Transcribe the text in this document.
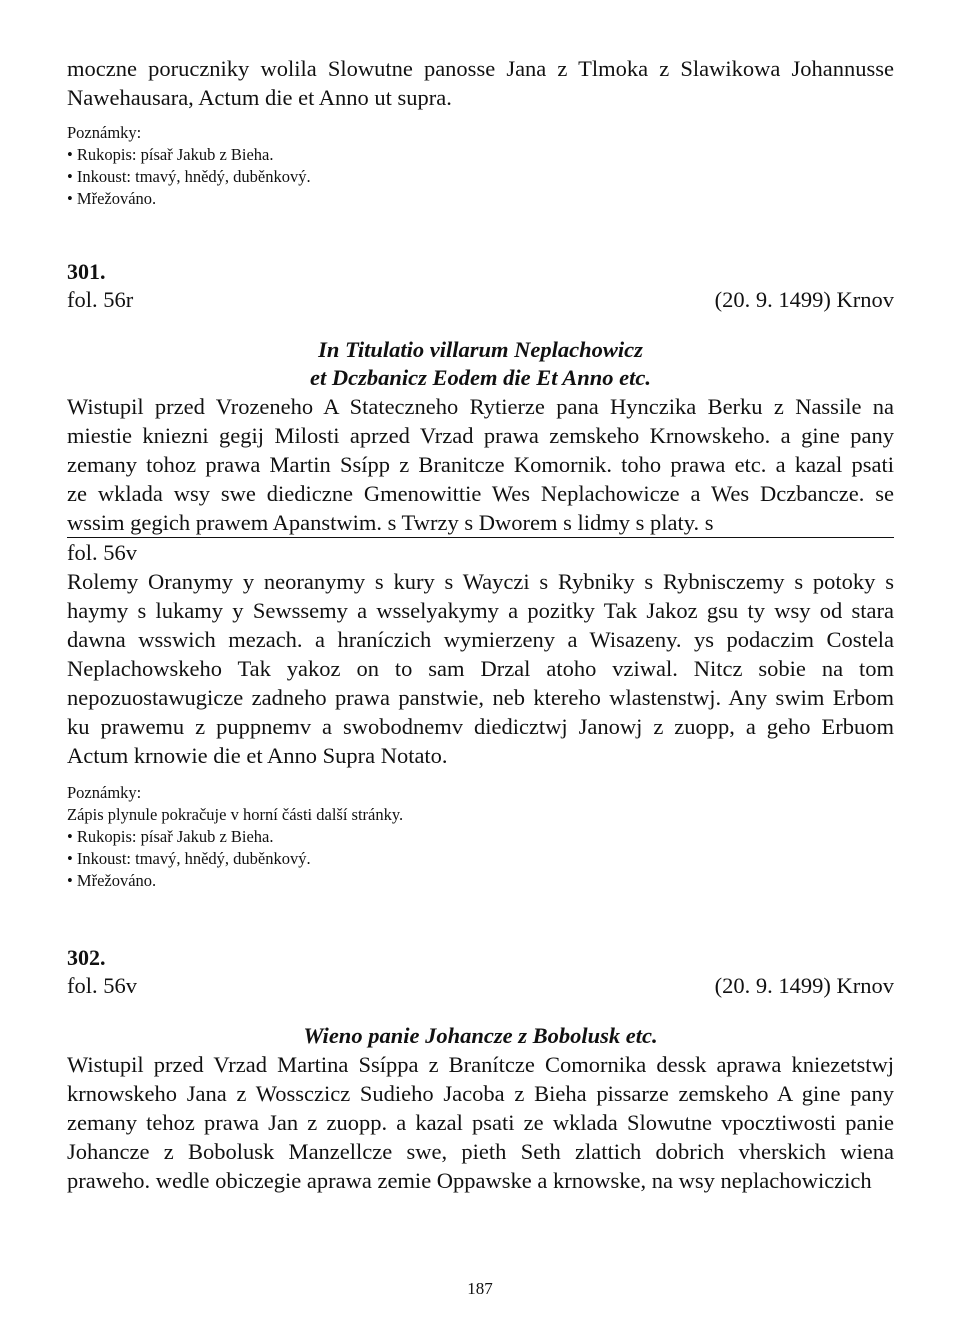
moczne poruczniky wolila Slowutne panosse Jana z Tlmoka z Slawikowa Johannusse Nawehausara, Actum die et Anno ut supra.

Poznámky:
• Rukopis: písař Jakub z Bieha.
• Inkoust: tmavý, hnědý, duběnkový.
• Mřežováno.
301.
fol. 56r	(20. 9. 1499) Krnov
In Titulatio villarum Neplachowicz
et Dczbanicz Eodem die Et Anno etc.
Wistupil przed Vrozeneho A Stateczneho Rytierze pana Hynczika Berku z Nassile na
miestie kniezni gegij Milosti aprzed Vrzad prawa zemskeho Krnowskeho. a gine pany
zemany tohoz prawa Martin Ssípp z Branitcze Komornik. toho prawa etc. a kazal psati
ze wklada wsy swe diediczne Gmenowittie Wes Neplachowicze a Wes Dczbancze. se
wssim gegich prawem Apanstwim. s Twrzy s Dworem s lidmy s platy. s
fol. 56v

Rolemy Oranymy y neoranymy s kury s Wayczi s Rybniky s Rybnisczemy s potoky s haymy s lukamy y Sewssemy a wsselyakymy a pozitky Tak Jakoz gsu ty wsy od stara dawna wsswich mezach. a hraníczich wymierzeny a Wisazeny. ys podaczim Costela Neplachowskeho Tak yakoz on to sam Drzal atoho vziwal. Nitcz sobie na tom nepozuostawugicze zadneho prawa panstwie, neb ktereho wlastenstwj. Any swim Erbom ku prawemu z puppnemv a swobodnemv diedicztwj Janowj z zuopp, a geho Erbuom Actum krnowie die et Anno Supra Notato.

Poznámky:
Zápis plynule pokračuje v horní části další stránky.
• Rukopis: písař Jakub z Bieha.
• Inkoust: tmavý, hnědý, duběnkový.
• Mřežováno.
302.
fol. 56v	(20. 9. 1499) Krnov
Wieno panie Johancze z Bobolusk etc.

Wistupil przed Vrzad Martina Ssíppa z Branítcze Comornika dessk aprawa kniezetstwj krnowskeho Jana z Wossczicz Sudieho Jacoba z Bieha pissarze zemskeho A gine pany zemany tehoz prawa Jan z zuopp. a kazal psati ze wklada Slowutne vpocztiwosti panie Johancze z Bobolusk Manzellcze swe, pieth Seth zlattich dobrich vherskich wiena praweho. wedle obiczegie aprawa zemie Oppawske a krnowske, na wsy neplachowiczich

187
